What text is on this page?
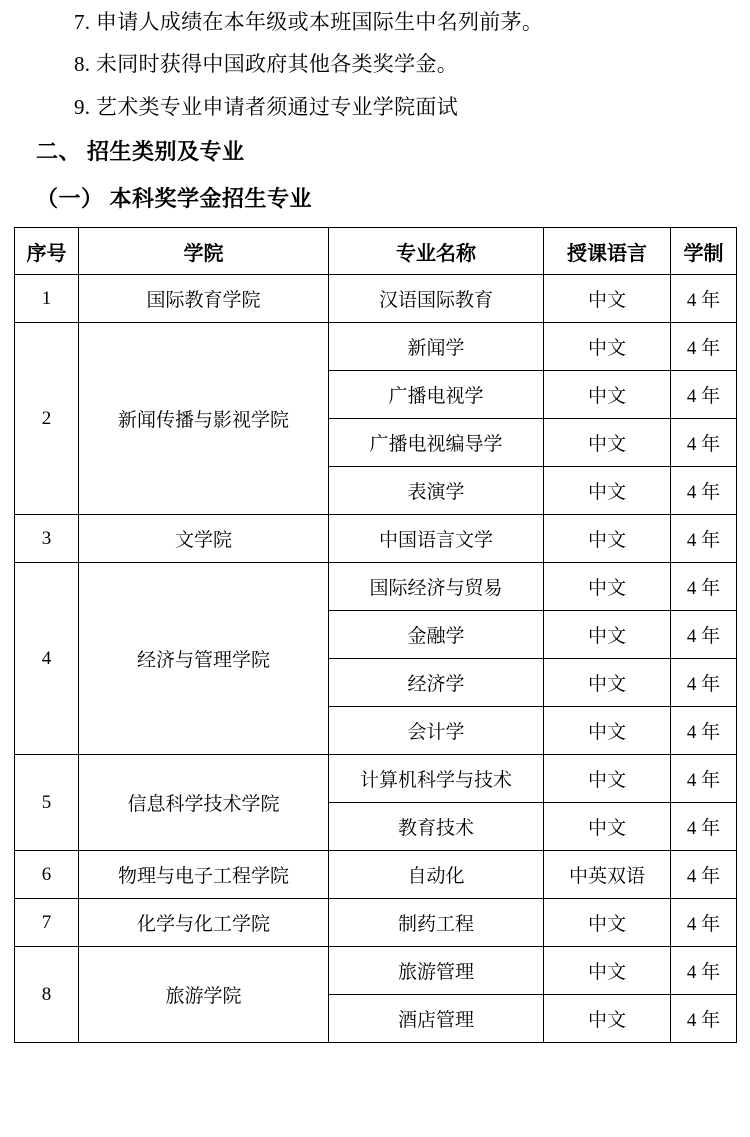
7. 申请人成绩在本年级或本班国际生中名列前茅。

8. 未同时获得中国政府其他各类奖学金。

9. 艺术类专业申请者须通过专业学院面试

二、 招生类别及专业
（一） 本科奖学金招生专业
序号	学院	专业名称	授课语言	学制
1	国际教育学院	汉语国际教育	中文	4 年
2	新闻传播与影视学院	新闻学	中文	4 年
		广播电视学	中文	4 年
		广播电视编导学	中文	4 年
		表演学	中文	4 年
3	文学院	中国语言文学	中文	4 年
4	经济与管理学院	国际经济与贸易	中文	4 年
		金融学	中文	4 年
		经济学	中文	4 年
		会计学	中文	4 年
5	信息科学技术学院	计算机科学与技术	中文	4 年
		教育技术	中文	4 年
6	物理与电子工程学院	自动化	中英双语	4 年
7	化学与化工学院	制药工程	中文	4 年
8	旅游学院	旅游管理	中文	4 年
		酒店管理	中文	4 年
